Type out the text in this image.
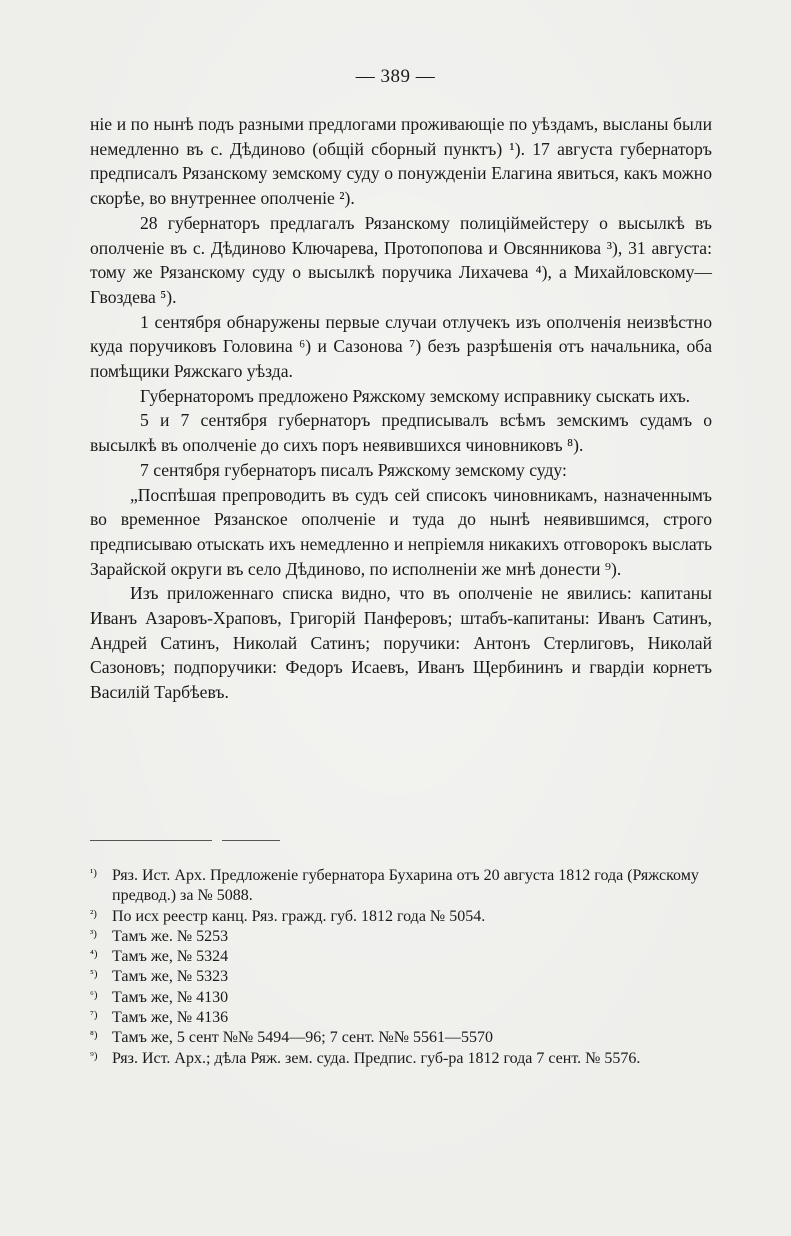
— 389 —

ніе и по нынѣ подъ разными предлогами проживающіе по уѣздамъ, высланы были немедленно въ с. Дѣдиново (общій сборный пунктъ) ¹). 17 августа губернаторъ предписалъ Рязанскому земскому суду о понужденіи Елагина явиться, какъ можно скорѣе, во внутреннее ополченіе ²).

28 губернаторъ предлагалъ Рязанскому полиціймейстеру о высылкѣ въ ополченіе въ с. Дѣдиново Ключарева, Протопопова и Овсянникова ³), 31 августа: тому же Рязанскому суду о высылкѣ поручика Лихачева ⁴), а Михайловскому—Гвоздева ⁵).

1 сентября обнаружены первые случаи отлучекъ изъ ополченія неизвѣстно куда поручиковъ Головина ⁶) и Сазонова ⁷) безъ разрѣшенія отъ начальника, оба помѣщики Ряжскаго уѣзда.

Губернаторомъ предложено Ряжскому земскому исправнику сыскать ихъ.

5 и 7 сентября губернаторъ предписывалъ всѣмъ земскимъ судамъ о высылкѣ въ ополченіе до сихъ поръ неявившихся чиновниковъ ⁸).

7 сентября губернаторъ писалъ Ряжскому земскому суду:

„Поспѣшая препроводить въ судъ сей списокъ чиновникамъ, назначеннымъ во временное Рязанское ополченіе и туда до нынѣ неявившимся, строго предписываю отыскать ихъ немедленно и непріемля никакихъ отговорокъ выслать Зарайской округи въ село Дѣдиново, по исполненіи же мнѣ донести ⁹).

Изъ приложеннаго списка видно, что въ ополченіе не явились: капитаны Иванъ Азаровъ-Храповъ, Григорій Панферовъ; штабъ-капитаны: Иванъ Сатинъ, Андрей Сатинъ, Николай Сатинъ; поручики: Антонъ Стерлиговъ, Николай Сазоновъ; подпоручики: Федоръ Исаевъ, Иванъ Щербининъ и гвардіи корнетъ Василій Тарбѣевъ.

¹) Ряз. Ист. Арх. Предложеніе губернатора Бухарина отъ 20 августа 1812 года (Ряжскому предвод.) за № 5088.
²) По исх реестр канц. Ряз. гражд. губ. 1812 года № 5054.
³) Тамъ же. № 5253
⁴) Тамъ же, № 5324
⁵) Тамъ же, № 5323
⁶) Тамъ же, № 4130
⁷) Тамъ же, № 4136
⁸) Тамъ же, 5 сент №№ 5494—96; 7 сент. №№ 5561—5570
⁹) Ряз. Ист. Арх.; дѣла Ряж. зем. суда. Предпис. губ-ра 1812 года 7 сент. № 5576.
